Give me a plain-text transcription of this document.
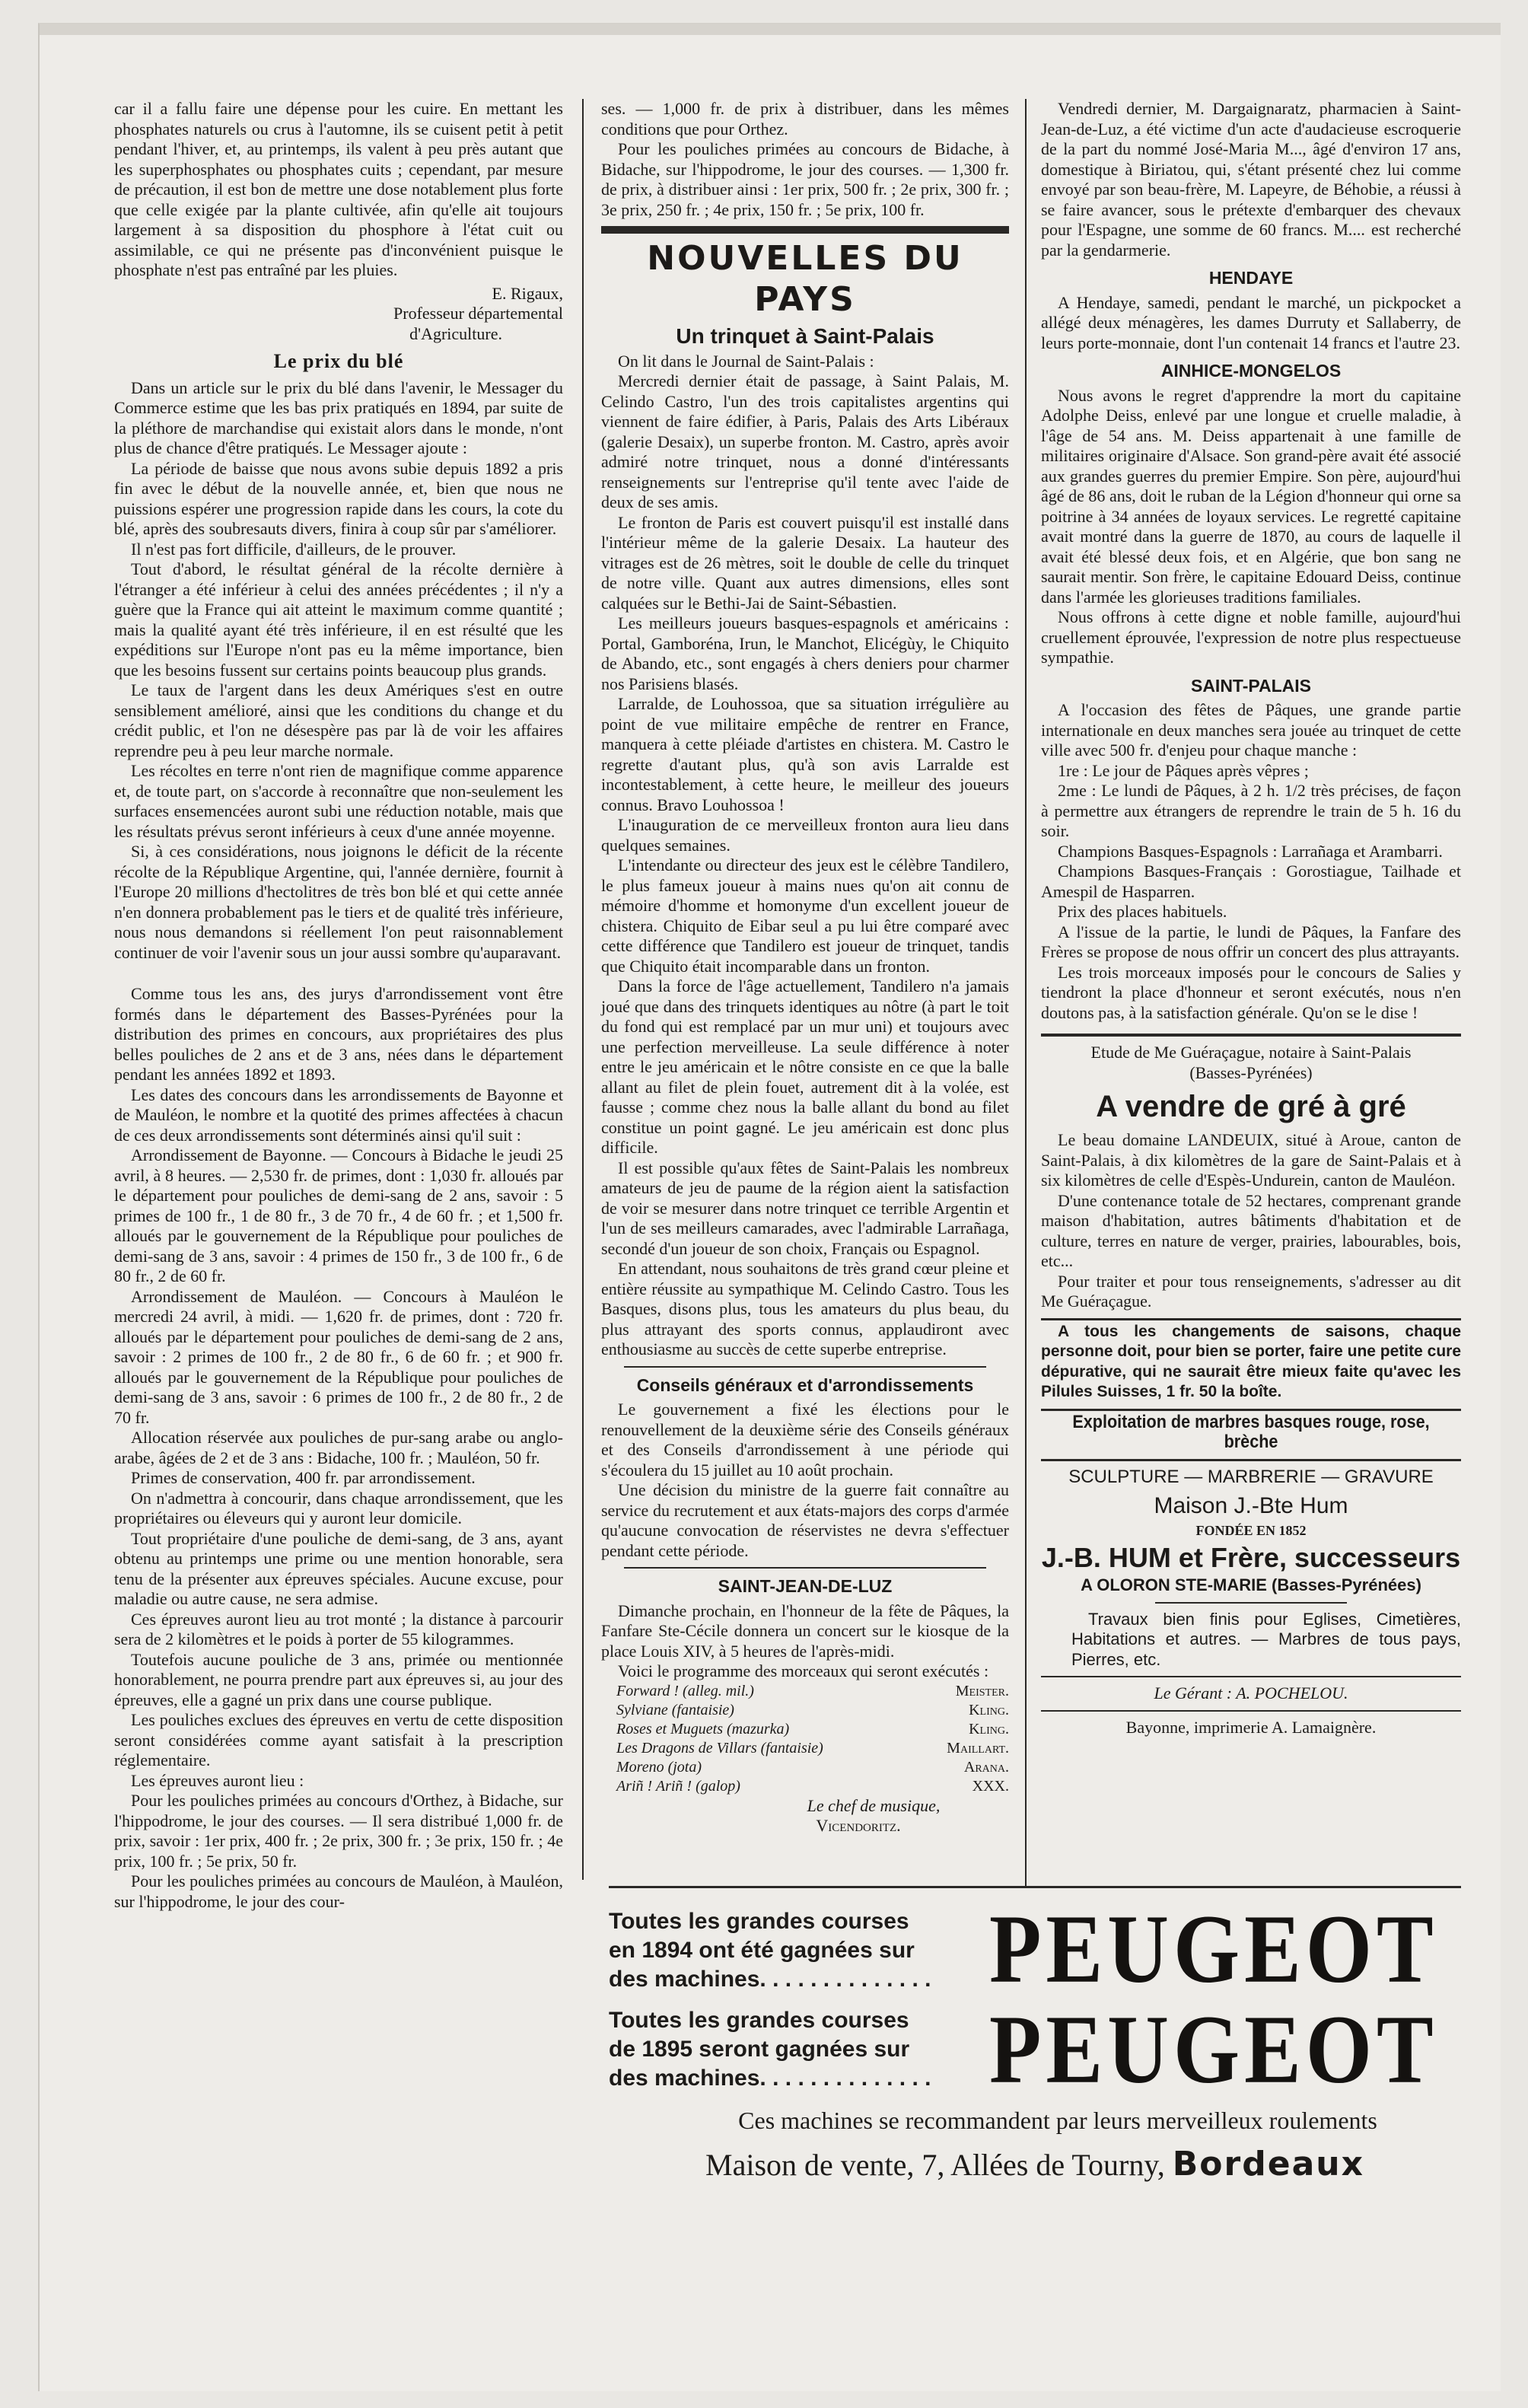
car il a fallu faire une dépense pour les cuire. En mettant les phosphates naturels ou crus à l'automne, ils se cuisent petit à petit pendant l'hiver, et, au printemps, ils valent à peu près autant que les superphosphates ou phosphates cuits ; cependant, par mesure de précaution, il est bon de mettre une dose notablement plus forte que celle exigée par la plante cultivée, afin qu'elle ait toujours largement à sa disposition du phosphore à l'état cuit ou assimilable, ce qui ne présente pas d'inconvénient puisque le phosphate n'est pas entraîné par les pluies.

E. Rigaux,

Professeur départemental

d'Agriculture.

Le prix du blé

Dans un article sur le prix du blé dans l'avenir, le Messager du Commerce estime que les bas prix pratiqués en 1894, par suite de la pléthore de marchandise qui existait alors dans le monde, n'ont plus de chance d'être pratiqués. Le Messager ajoute :

La période de baisse que nous avons subie depuis 1892 a pris fin avec le début de la nouvelle année, et, bien que nous ne puissions espérer une progression rapide dans les cours, la cote du blé, après des soubresauts divers, finira à coup sûr par s'améliorer.

Il n'est pas fort difficile, d'ailleurs, de le prouver.

Tout d'abord, le résultat général de la récolte dernière à l'étranger a été inférieur à celui des années précédentes ; il n'y a guère que la France qui ait atteint le maximum comme quantité ; mais la qualité ayant été très inférieure, il en est résulté que les expéditions sur l'Europe n'ont pas eu la même importance, bien que les besoins fussent sur certains points beaucoup plus grands.

Le taux de l'argent dans les deux Amériques s'est en outre sensiblement amélioré, ainsi que les conditions du change et du crédit public, et l'on ne désespère pas par là de voir les affaires reprendre peu à peu leur marche normale.

Les récoltes en terre n'ont rien de magnifique comme apparence et, de toute part, on s'accorde à reconnaître que non-seulement les surfaces ensemencées auront subi une réduction notable, mais que les résultats prévus seront inférieurs à ceux d'une année moyenne.

Si, à ces considérations, nous joignons le déficit de la récente récolte de la République Argentine, qui, l'année dernière, fournit à l'Europe 20 millions d'hectolitres de très bon blé et qui cette année n'en donnera probablement pas le tiers et de qualité très inférieure, nous nous demandons si réellement l'on peut raisonnablement continuer de voir l'avenir sous un jour aussi sombre qu'auparavant.

Comme tous les ans, des jurys d'arrondissement vont être formés dans le département des Basses-Pyrénées pour la distribution des primes en concours, aux propriétaires des plus belles pouliches de 2 ans et de 3 ans, nées dans le département pendant les années 1892 et 1893.

Les dates des concours dans les arrondissements de Bayonne et de Mauléon, le nombre et la quotité des primes affectées à chacun de ces deux arrondissements sont déterminés ainsi qu'il suit :

Arrondissement de Bayonne. — Concours à Bidache le jeudi 25 avril, à 8 heures. — 2,530 fr. de primes, dont : 1,030 fr. alloués par le département pour pouliches de demi-sang de 2 ans, savoir : 5 primes de 100 fr., 1 de 80 fr., 3 de 70 fr., 4 de 60 fr. ; et 1,500 fr. alloués par le gouvernement de la République pour pouliches de demi-sang de 3 ans, savoir : 4 primes de 150 fr., 3 de 100 fr., 6 de 80 fr., 2 de 60 fr.

Arrondissement de Mauléon. — Concours à Mauléon le mercredi 24 avril, à midi. — 1,620 fr. de primes, dont : 720 fr. alloués par le département pour pouliches de demi-sang de 2 ans, savoir : 2 primes de 100 fr., 2 de 80 fr., 6 de 60 fr. ; et 900 fr. alloués par le gouvernement de la République pour pouliches de demi-sang de 3 ans, savoir : 6 primes de 100 fr., 2 de 80 fr., 2 de 70 fr.

Allocation réservée aux pouliches de pur-sang arabe ou anglo-arabe, âgées de 2 et de 3 ans : Bidache, 100 fr. ; Mauléon, 50 fr.

Primes de conservation, 400 fr. par arrondissement.

On n'admettra à concourir, dans chaque arrondissement, que les propriétaires ou éleveurs qui y auront leur domicile.

Tout propriétaire d'une pouliche de demi-sang, de 3 ans, ayant obtenu au printemps une prime ou une mention honorable, sera tenu de la présenter aux épreuves spéciales. Aucune excuse, pour maladie ou autre cause, ne sera admise.

Ces épreuves auront lieu au trot monté ; la distance à parcourir sera de 2 kilomètres et le poids à porter de 55 kilogrammes.

Toutefois aucune pouliche de 3 ans, primée ou mentionnée honorablement, ne pourra prendre part aux épreuves si, au jour des épreuves, elle a gagné un prix dans une course publique.

Les pouliches exclues des épreuves en vertu de cette disposition seront considérées comme ayant satisfait à la prescription réglementaire.

Les épreuves auront lieu :

Pour les pouliches primées au concours d'Orthez, à Bidache, sur l'hippodrome, le jour des courses. — Il sera distribué 1,000 fr. de prix, savoir : 1er prix, 400 fr. ; 2e prix, 300 fr. ; 3e prix, 150 fr. ; 4e prix, 100 fr. ; 5e prix, 50 fr.

Pour les pouliches primées au concours de Mauléon, à Mauléon, sur l'hippodrome, le jour des cour-

ses. — 1,000 fr. de prix à distribuer, dans les mêmes conditions que pour Orthez.

Pour les pouliches primées au concours de Bidache, à Bidache, sur l'hippodrome, le jour des courses. — 1,300 fr. de prix, à distribuer ainsi : 1er prix, 500 fr. ; 2e prix, 300 fr. ; 3e prix, 250 fr. ; 4e prix, 150 fr. ; 5e prix, 100 fr.

NOUVELLES DU PAYS
Un trinquet à Saint-Palais

On lit dans le Journal de Saint-Palais :

Mercredi dernier était de passage, à Saint Palais, M. Celindo Castro, l'un des trois capitalistes argentins qui viennent de faire édifier, à Paris, Palais des Arts Libéraux (galerie Desaix), un superbe fronton. M. Castro, après avoir admiré notre trinquet, nous a donné d'intéressants renseignements sur l'entreprise qu'il tente avec l'aide de deux de ses amis.

Le fronton de Paris est couvert puisqu'il est installé dans l'intérieur même de la galerie Desaix. La hauteur des vitrages est de 26 mètres, soit le double de celle du trinquet de notre ville. Quant aux autres dimensions, elles sont calquées sur le Bethi-Jai de Saint-Sébastien.

Les meilleurs joueurs basques-espagnols et américains : Portal, Gamboréna, Irun, le Manchot, Elicégùy, le Chiquito de Abando, etc., sont engagés à chers deniers pour charmer nos Parisiens blasés.

Larralde, de Louhossoa, que sa situation irrégulière au point de vue militaire empêche de rentrer en France, manquera à cette pléiade d'artistes en chistera. M. Castro le regrette d'autant plus, qu'à son avis Larralde est incontestablement, à cette heure, le meilleur des joueurs connus. Bravo Louhossoa !

L'inauguration de ce merveilleux fronton aura lieu dans quelques semaines.

L'intendante ou directeur des jeux est le célèbre Tandilero, le plus fameux joueur à mains nues qu'on ait connu de mémoire d'homme et homonyme d'un excellent joueur de chistera. Chiquito de Eibar seul a pu lui être comparé avec cette différence que Tandilero est joueur de trinquet, tandis que Chiquito était incomparable dans un fronton.

Dans la force de l'âge actuellement, Tandilero n'a jamais joué que dans des trinquets identiques au nôtre (à part le toit du fond qui est remplacé par un mur uni) et toujours avec une perfection merveilleuse. La seule différence à noter entre le jeu américain et le nôtre consiste en ce que la balle allant au filet de plein fouet, autrement dit à la volée, est fausse ; comme chez nous la balle allant du bond au filet constitue un point gagné. Le jeu américain est donc plus difficile.

Il est possible qu'aux fêtes de Saint-Palais les nombreux amateurs de jeu de paume de la région aient la satisfaction de voir se mesurer dans notre trinquet ce terrible Argentin et l'un de ses meilleurs camarades, avec l'admirable Larrañaga, secondé d'un joueur de son choix, Français ou Espagnol.

En attendant, nous souhaitons de très grand cœur pleine et entière réussite au sympathique M. Celindo Castro. Tous les Basques, disons plus, tous les amateurs du plus beau, du plus attrayant des sports connus, applaudiront avec enthousiasme au succès de cette superbe entreprise.

Conseils généraux et d'arrondissements

Le gouvernement a fixé les élections pour le renouvellement de la deuxième série des Conseils généraux et des Conseils d'arrondissement à une période qui s'écoulera du 15 juillet au 10 août prochain.

Une décision du ministre de la guerre fait connaître au service du recrutement et aux états-majors des corps d'armée qu'aucune convocation de réservistes ne devra s'effectuer pendant cette période.

SAINT-JEAN-DE-LUZ

Dimanche prochain, en l'honneur de la fête de Pâques, la Fanfare Ste-Cécile donnera un concert sur le kiosque de la place Louis XIV, à 5 heures de l'après-midi.

Voici le programme des morceaux qui seront exécutés :

Forward ! (alleg. mil.)	Meister.
Sylviane (fantaisie)	Kling.
Roses et Muguets (mazurka)	Kling.
Les Dragons de Villars (fantaisie)	Maillart.
Moreno (jota)	Arana.
Ariñ ! Ariñ ! (galop)	XXX.

Le chef de musique,

Vicendoritz.

Vendredi dernier, M. Dargaignaratz, pharmacien à Saint-Jean-de-Luz, a été victime d'un acte d'audacieuse escroquerie de la part du nommé José-Maria M..., âgé d'environ 17 ans, domestique à Biriatou, qui, s'étant présenté chez lui comme envoyé par son beau-frère, M. Lapeyre, de Béhobie, a réussi à se faire avancer, sous le prétexte d'embarquer des chevaux pour l'Espagne, une somme de 60 francs. M.... est recherché par la gendarmerie.

HENDAYE

A Hendaye, samedi, pendant le marché, un pickpocket a allégé deux ménagères, les dames Durruty et Sallaberry, de leurs porte-monnaie, dont l'un contenait 14 francs et l'autre 23.

AINHICE-MONGELOS

Nous avons le regret d'apprendre la mort du capitaine Adolphe Deiss, enlevé par une longue et cruelle maladie, à l'âge de 54 ans. M. Deiss appartenait à une famille de militaires originaire d'Alsace. Son grand-père avait été associé aux grandes guerres du premier Empire. Son père, aujourd'hui âgé de 86 ans, doit le ruban de la Légion d'honneur qui orne sa poitrine à 34 années de loyaux services. Le regretté capitaine avait montré dans la guerre de 1870, au cours de laquelle il avait été blessé deux fois, et en Algérie, que bon sang ne saurait mentir. Son frère, le capitaine Edouard Deiss, continue dans l'armée les glorieuses traditions familiales.

Nous offrons à cette digne et noble famille, aujourd'hui cruellement éprouvée, l'expression de notre plus respectueuse sympathie.

SAINT-PALAIS

A l'occasion des fêtes de Pâques, une grande partie internationale en deux manches sera jouée au trinquet de cette ville avec 500 fr. d'enjeu pour chaque manche :

1re : Le jour de Pâques après vêpres ;

2me : Le lundi de Pâques, à 2 h. 1/2 très précises, de façon à permettre aux étrangers de reprendre le train de 5 h. 16 du soir.

Champions Basques-Espagnols : Larrañaga et Arambarri.

Champions Basques-Français : Gorostiague, Tailhade et Amespil de Hasparren.

Prix des places habituels.

A l'issue de la partie, le lundi de Pâques, la Fanfare des Frères se propose de nous offrir un concert des plus attrayants.

Les trois morceaux imposés pour le concours de Salies y tiendront la place d'honneur et seront exécutés, nous n'en doutons pas, à la satisfaction générale. Qu'on se le dise !

Etude de Me Guéraçague, notaire à Saint-Palais

(Basses-Pyrénées)

A vendre de gré à gré

Le beau domaine LANDEUIX, situé à Aroue, canton de Saint-Palais, à dix kilomètres de la gare de Saint-Palais et à six kilomètres de celle d'Espès-Undurein, canton de Mauléon.

D'une contenance totale de 52 hectares, comprenant grande maison d'habitation, autres bâtiments d'habitation et de culture, terres en nature de verger, prairies, labourables, bois, etc...

Pour traiter et pour tous renseignements, s'adresser au dit Me Guéraçague.

A tous les changements de saisons, chaque personne doit, pour bien se porter, faire une petite cure dépurative, qui ne saurait être mieux faite qu'avec les Pilules Suisses, 1 fr. 50 la boîte.

Exploitation de marbres basques rouge, rose, brèche
SCULPTURE — MARBRERIE — GRAVURE
Maison J.-Bte Hum

FONDÉE EN 1852

J.-B. HUM et Frère, successeurs

A OLORON STE-MARIE (Basses-Pyrénées)

Travaux bien finis pour Eglises, Cimetières, Habitations et autres. — Marbres de tous pays, Pierres, etc.

Le Gérant : A. POCHELOU.

Bayonne, imprimerie A. Lamaignère.

Toutes les grandes courses
en 1894 ont été gagnées sur
des machines. . . . . . . . . . . . . . PEUGEOT
Toutes les grandes courses
de 1895 seront gagnées sur
des machines. . . . . . . . . . . . . . PEUGEOT
Ces machines se recommandent par leurs merveilleux roulements
Maison de vente, 7, Allées de Tourny, Bordeaux
